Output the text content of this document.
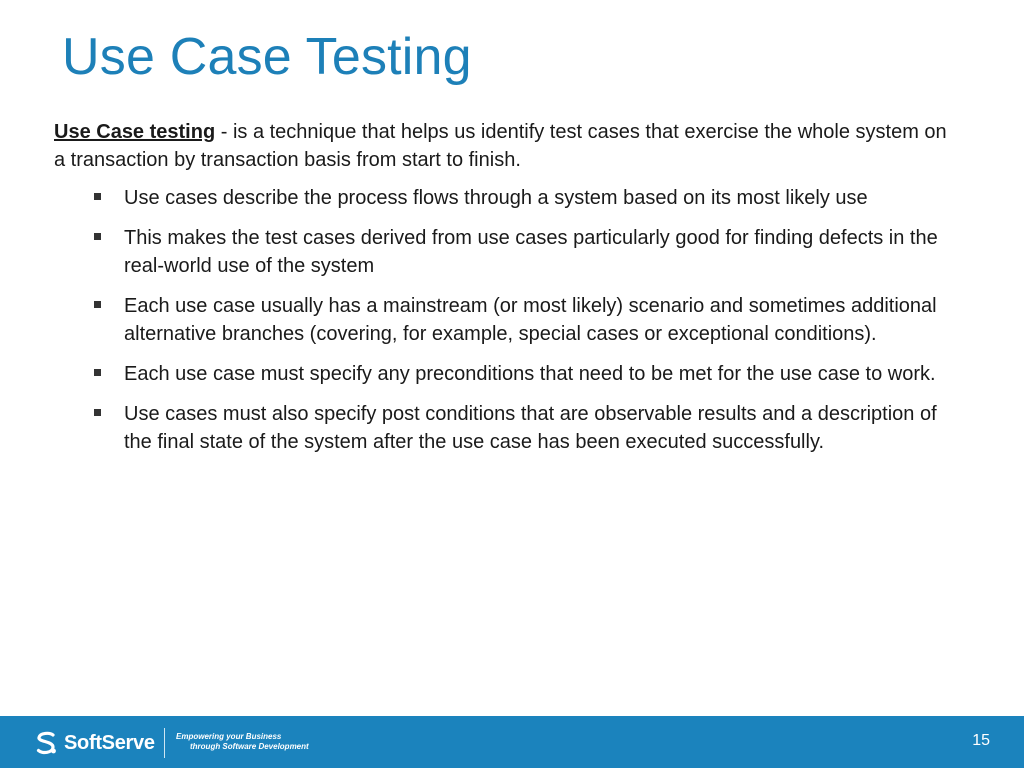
Use Case Testing

Use Case testing - is a technique that helps us identify test cases that exercise the whole system on a transaction by transaction basis from start to finish.

Use cases describe the process flows through a system based on its most likely use
This makes the test cases derived from use cases particularly good for finding defects in the real-world use of the system
Each use case usually has a mainstream (or most likely) scenario and sometimes additional alternative branches (covering, for example, special cases or exceptional conditions).
Each use case must specify any preconditions that need to be met for the use case to work.
Use cases must also specify post conditions that are observable results and a description of the final state of the system after the use case has been executed successfully.
SoftServe	Empowering your Business
through Software Development	15
